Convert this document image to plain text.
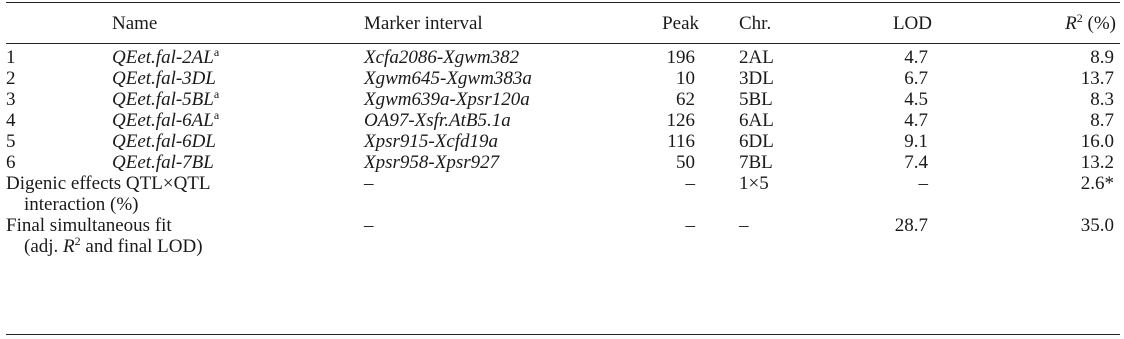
	Name	Marker interval	Peak	Chr.	LOD	$R^2$ (%)
1	$QEet.fal-2AL^a$	Xcfa2086-Xgwm382	196	2AL	4.7	8.9
2	QEet.fal-3DL	Xgwm645-Xgwm383a	10	3DL	6.7	13.7
3	$QEet.fal-5BL^a$	Xgwm639a-Xpsr120a	62	5BL	4.5	8.3
4	$QEet.fal-6AL^a$	OA97-Xsfr.AtB5.1a	126	6AL	4.7	8.7
5	QEet.fal-6DL	Xpsr915-Xcfd19a	116	6DL	9.1	16.0
6	QEet.fal-7BL	Xpsr958-Xpsr927	50	7BL	7.4	13.2

Digenic effects QTL×QTL
interaction (%)		–	–	1×5	–	2.6*

Final simultaneous fit
(adj. $R^2$ and final LOD)		–	–	–	28.7	35.0
